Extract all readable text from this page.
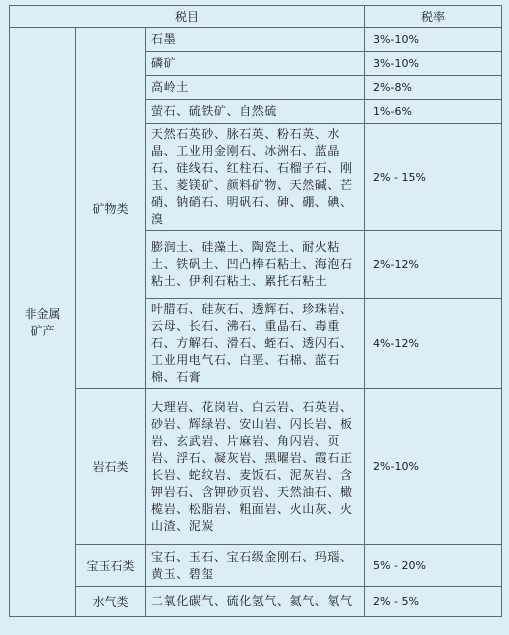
税目			税率
非金属矿产	矿物类	石墨	3%-10%
		磷矿	3%-10%
		高岭土	2%-8%
		萤石、硫铁矿、自然硫	1%-6%
		天然石英砂、脉石英、粉石英、水晶、工业用金刚石、冰洲石、蓝晶石、硅线石、红柱石、石榴子石、刚玉、菱镁矿、颜料矿物、天然碱、芒硝、钠硝石、明矾石、砷、硼、碘、溴	2% - 15%
		膨润土、硅藻土、陶瓷土、耐火粘土、铁矾土、凹凸棒石粘土、海泡石粘土、伊利石粘土、累托石粘土	2%-12%
		叶腊石、硅灰石、透辉石、珍珠岩、云母、长石、沸石、重晶石、毒重石、方解石、滑石、蛭石、透闪石、工业用电气石、白垩、石棉、蓝石棉、石膏	4%-12%
	岩石类	大理岩、花岗岩、白云岩、石英岩、砂岩、辉绿岩、安山岩、闪长岩、板岩、玄武岩、片麻岩、角闪岩、页岩、浮石、凝灰岩、黑曜岩、霞石正长岩、蛇纹岩、麦饭石、泥灰岩、含钾岩石、含钾砂页岩、天然油石、橄榄岩、松脂岩、粗面岩、火山灰、火山渣、泥炭	2%-10%
	宝玉石类	宝石、玉石、宝石级金刚石、玛瑙、黄玉、碧玺	5% - 20%
	水气类	二氧化碳气、硫化氢气、氦气、氡气	2% - 5%
